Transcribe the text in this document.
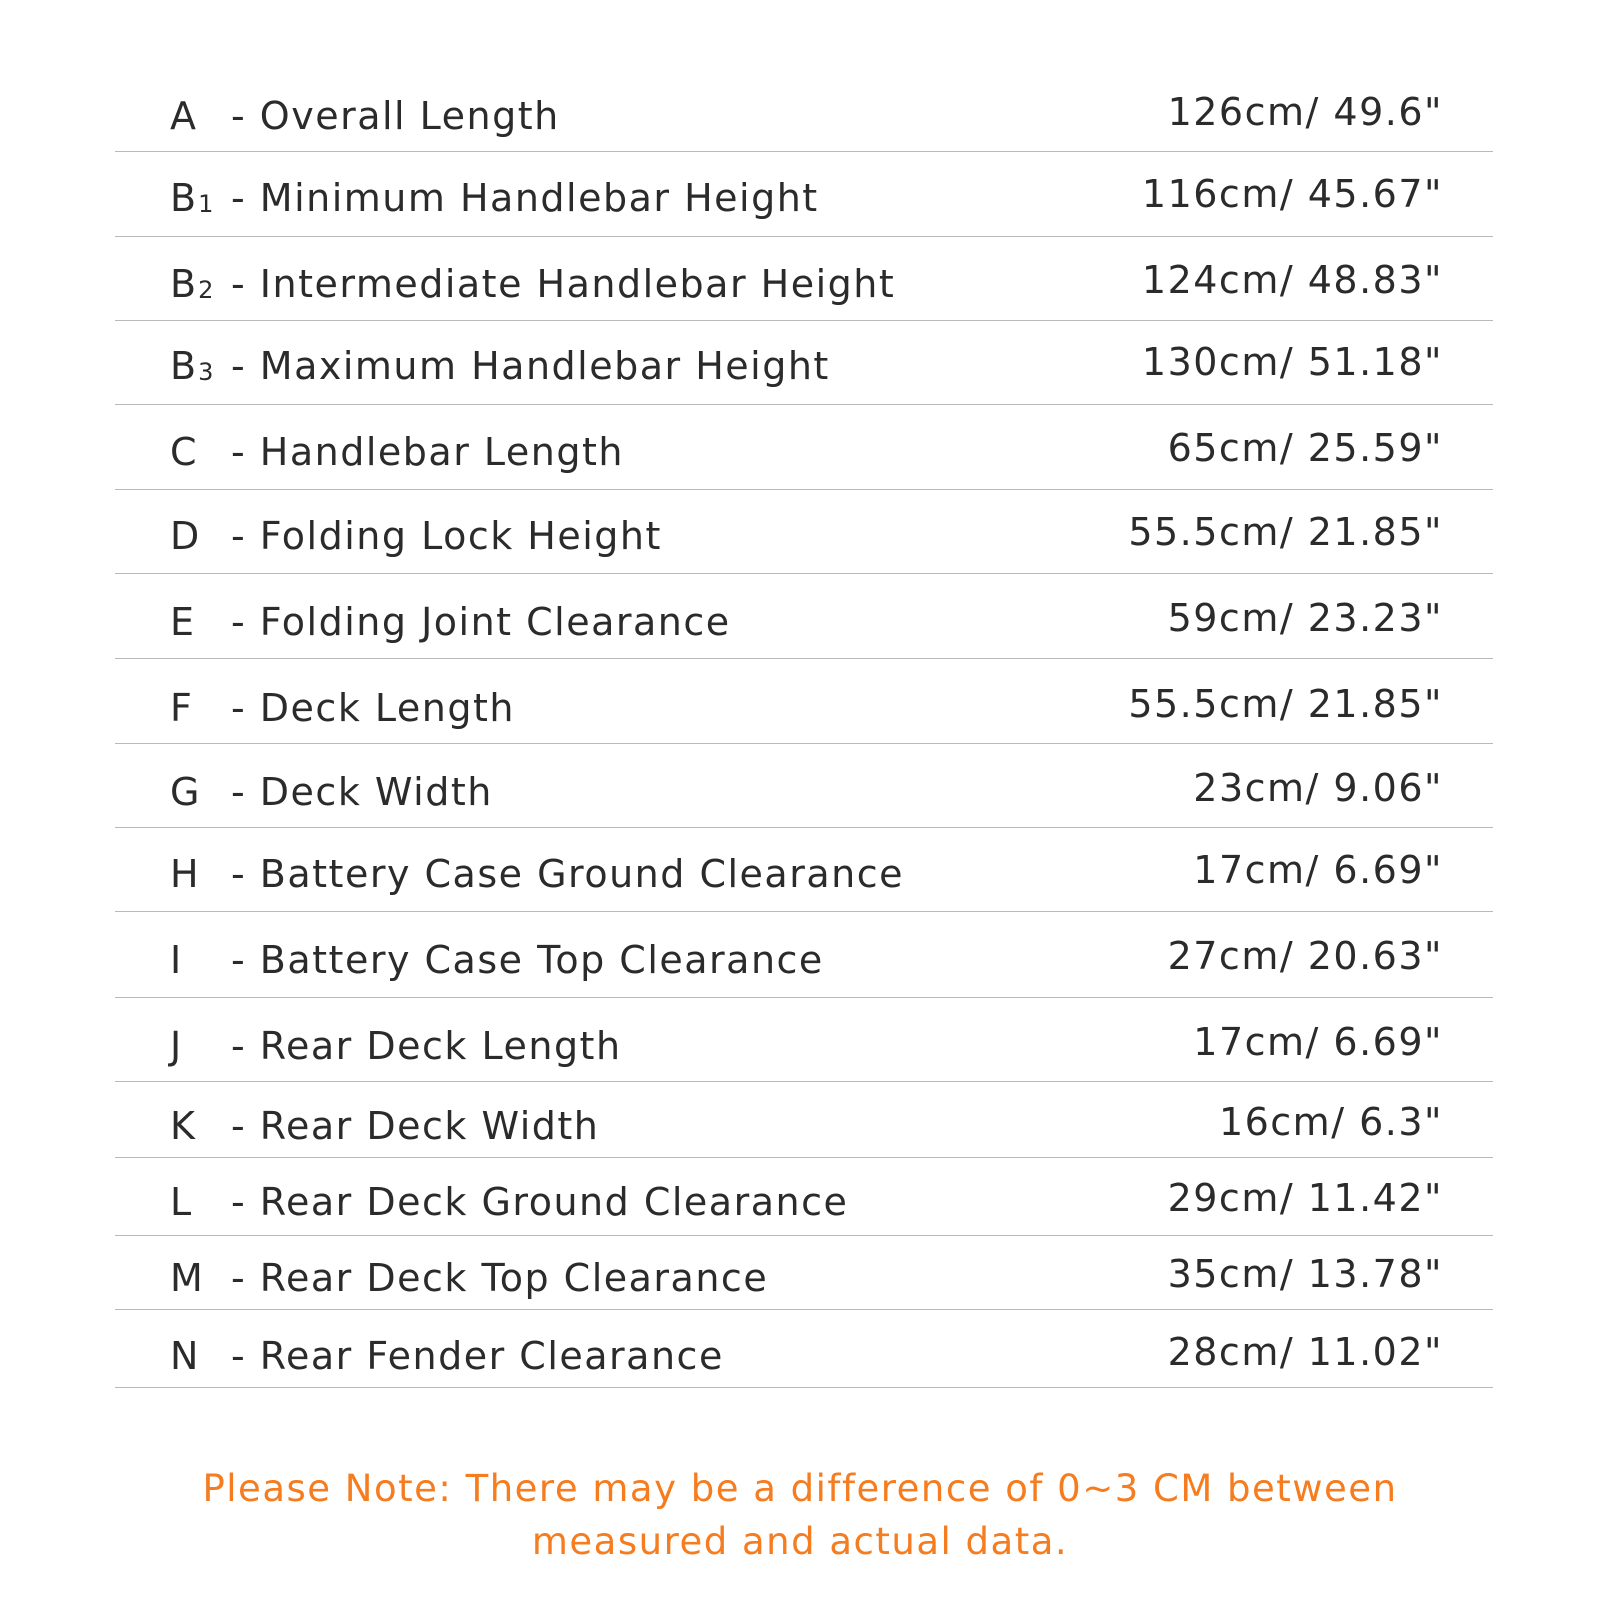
A - Overall Length	126cm/ 49.6"
$B_1$ - Minimum Handlebar Height	116cm/ 45.67"
$B_2$ - Intermediate Handlebar Height	124cm/ 48.83"
$B_3$ - Maximum Handlebar Height	130cm/ 51.18"
C - Handlebar Length	65cm/ 25.59"
D - Folding Lock Height	55.5cm/ 21.85"
E - Folding Joint Clearance	59cm/ 23.23"
F	- Deck Length	55.5cm/ 21.85"
G - Deck Width	23cm/ 9.06"
H - Battery Case Ground Clearance	17cm/ 6.69"
I	- Battery Case Top Clearance	27cm/ 20.63"
J	- Rear Deck Length	17cm/ 6.69"
K - Rear Deck Width	16cm/ 6.3"
L	- Rear Deck Ground Clearance	29cm/ 11.42"
M - Rear Deck Top Clearance	35cm/ 13.78"
N - Rear Fender Clearance	28cm/ 11.02"
Please Note: There may be a difference of 0~3 CM between
measured and actual data.
